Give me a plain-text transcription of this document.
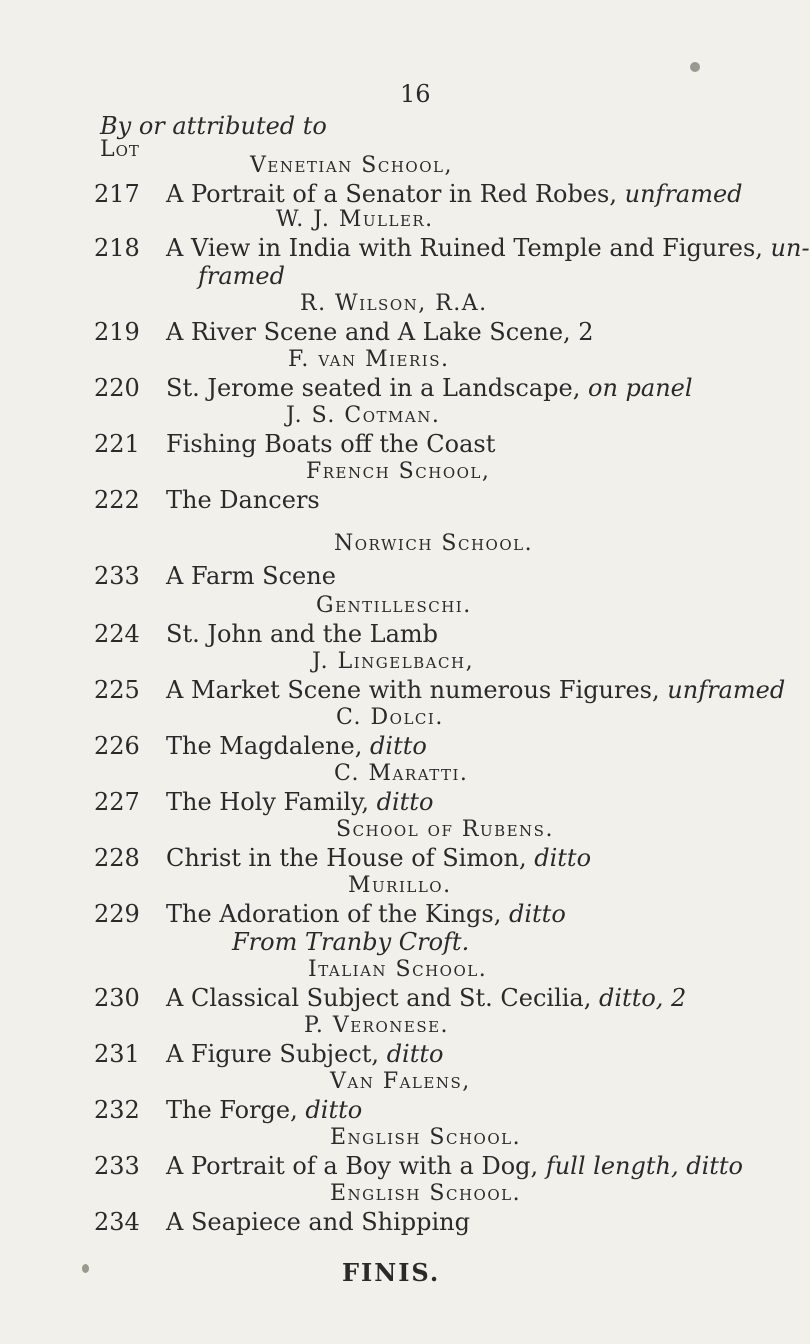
16
By or attributed to
Lot
Venetian School,
217 A Portrait of a Senator in Red Robes, unframed
W. J. Muller.
218 A View in India with Ruined Temple and Figures, un-
framed
R. Wilson, R.A.
219 A River Scene and A Lake Scene, 2
F. van Mieris.
220 St. Jerome seated in a Landscape, on panel
J. S. Cotman.
221 Fishing Boats off the Coast
French School,
222 The Dancers
Norwich School.
233 A Farm Scene
Gentilleschi.
224 St. John and the Lamb
J. Lingelbach,
225 A Market Scene with numerous Figures, unframed
C. Dolci.
226 The Magdalene, ditto
C. Maratti.
227 The Holy Family, ditto
School of Rubens.
228 Christ in the House of Simon, ditto
Murillo.
229 The Adoration of the Kings, ditto
From Tranby Croft.
Italian School.
230 A Classical Subject and St. Cecilia, ditto, 2
P. Veronese.
231 A Figure Subject, ditto
Van Falens,
232 The Forge, ditto
English School.
233 A Portrait of a Boy with a Dog, full length, ditto
English School.
234 A Seapiece and Shipping
FINIS.
